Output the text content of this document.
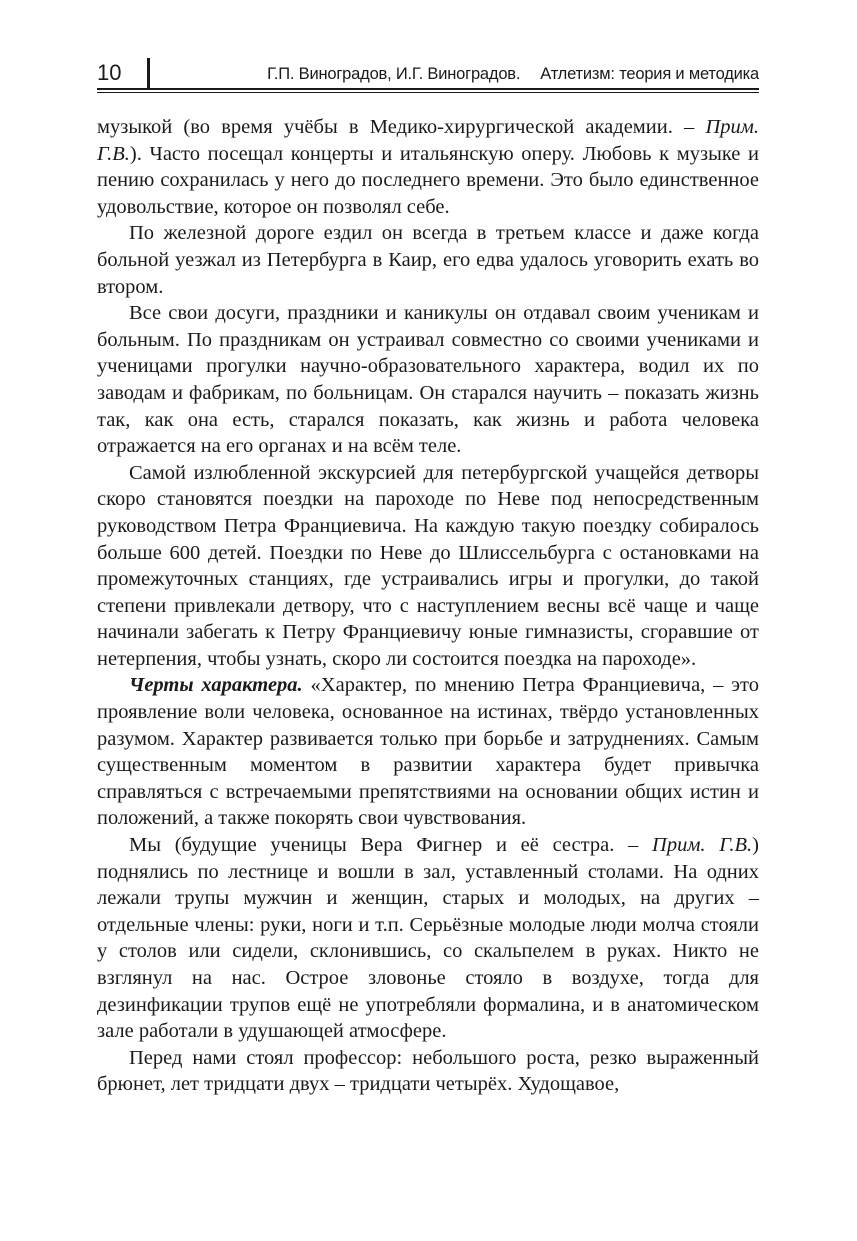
10	Г.П. Виноградов, И.Г. Виноградов. Атлетизм: теория и методика

музыкой (во время учёбы в Медико-хирургической академии. – Прим. Г.В.). Часто посещал концерты и итальянскую оперу. Любовь к музыке и пению сохранилась у него до последнего времени. Это было единственное удовольствие, которое он позволял себе.

По железной дороге ездил он всегда в третьем классе и даже когда больной уезжал из Петербурга в Каир, его едва удалось уговорить ехать во втором.

Все свои досуги, праздники и каникулы он отдавал своим ученикам и больным. По праздникам он устраивал совместно со своими учениками и ученицами прогулки научно-образовательного характера, водил их по заводам и фабрикам, по больницам. Он старался научить – показать жизнь так, как она есть, старался показать, как жизнь и работа человека отражается на его органах и на всём теле.

Самой излюбленной экскурсией для петербургской учащейся детворы скоро становятся поездки на пароходе по Неве под непосредственным руководством Петра Франциевича. На каждую такую поездку собиралось больше 600 детей. Поездки по Неве до Шлиссельбурга с остановками на промежуточных станциях, где устраивались игры и прогулки, до такой степени привлекали детвору, что с наступлением весны всё чаще и чаще начинали забегать к Петру Франциевичу юные гимназисты, сгоравшие от нетерпения, чтобы узнать, скоро ли состоится поездка на пароходе».

Черты характера. «Характер, по мнению Петра Франциевича, – это проявление воли человека, основанное на истинах, твёрдо установленных разумом. Характер развивается только при борьбе и затруднениях. Самым существенным моментом в развитии характера будет привычка справляться с встречаемыми препятствиями на основании общих истин и положений, а также покорять свои чувствования.

Мы (будущие ученицы Вера Фигнер и её сестра. – Прим. Г.В.) поднялись по лестнице и вошли в зал, уставленный столами. На одних лежали трупы мужчин и женщин, старых и молодых, на других – отдельные члены: руки, ноги и т.п. Серьёзные молодые люди молча стояли у столов или сидели, склонившись, со скальпелем в руках. Никто не взглянул на нас. Острое зловонье стояло в воздухе, тогда для дезинфикации трупов ещё не употребляли формалина, и в анатомическом зале работали в удушающей атмосфере.

Перед нами стоял профессор: небольшого роста, резко выраженный брюнет, лет тридцати двух – тридцати четырёх. Худощавое,
